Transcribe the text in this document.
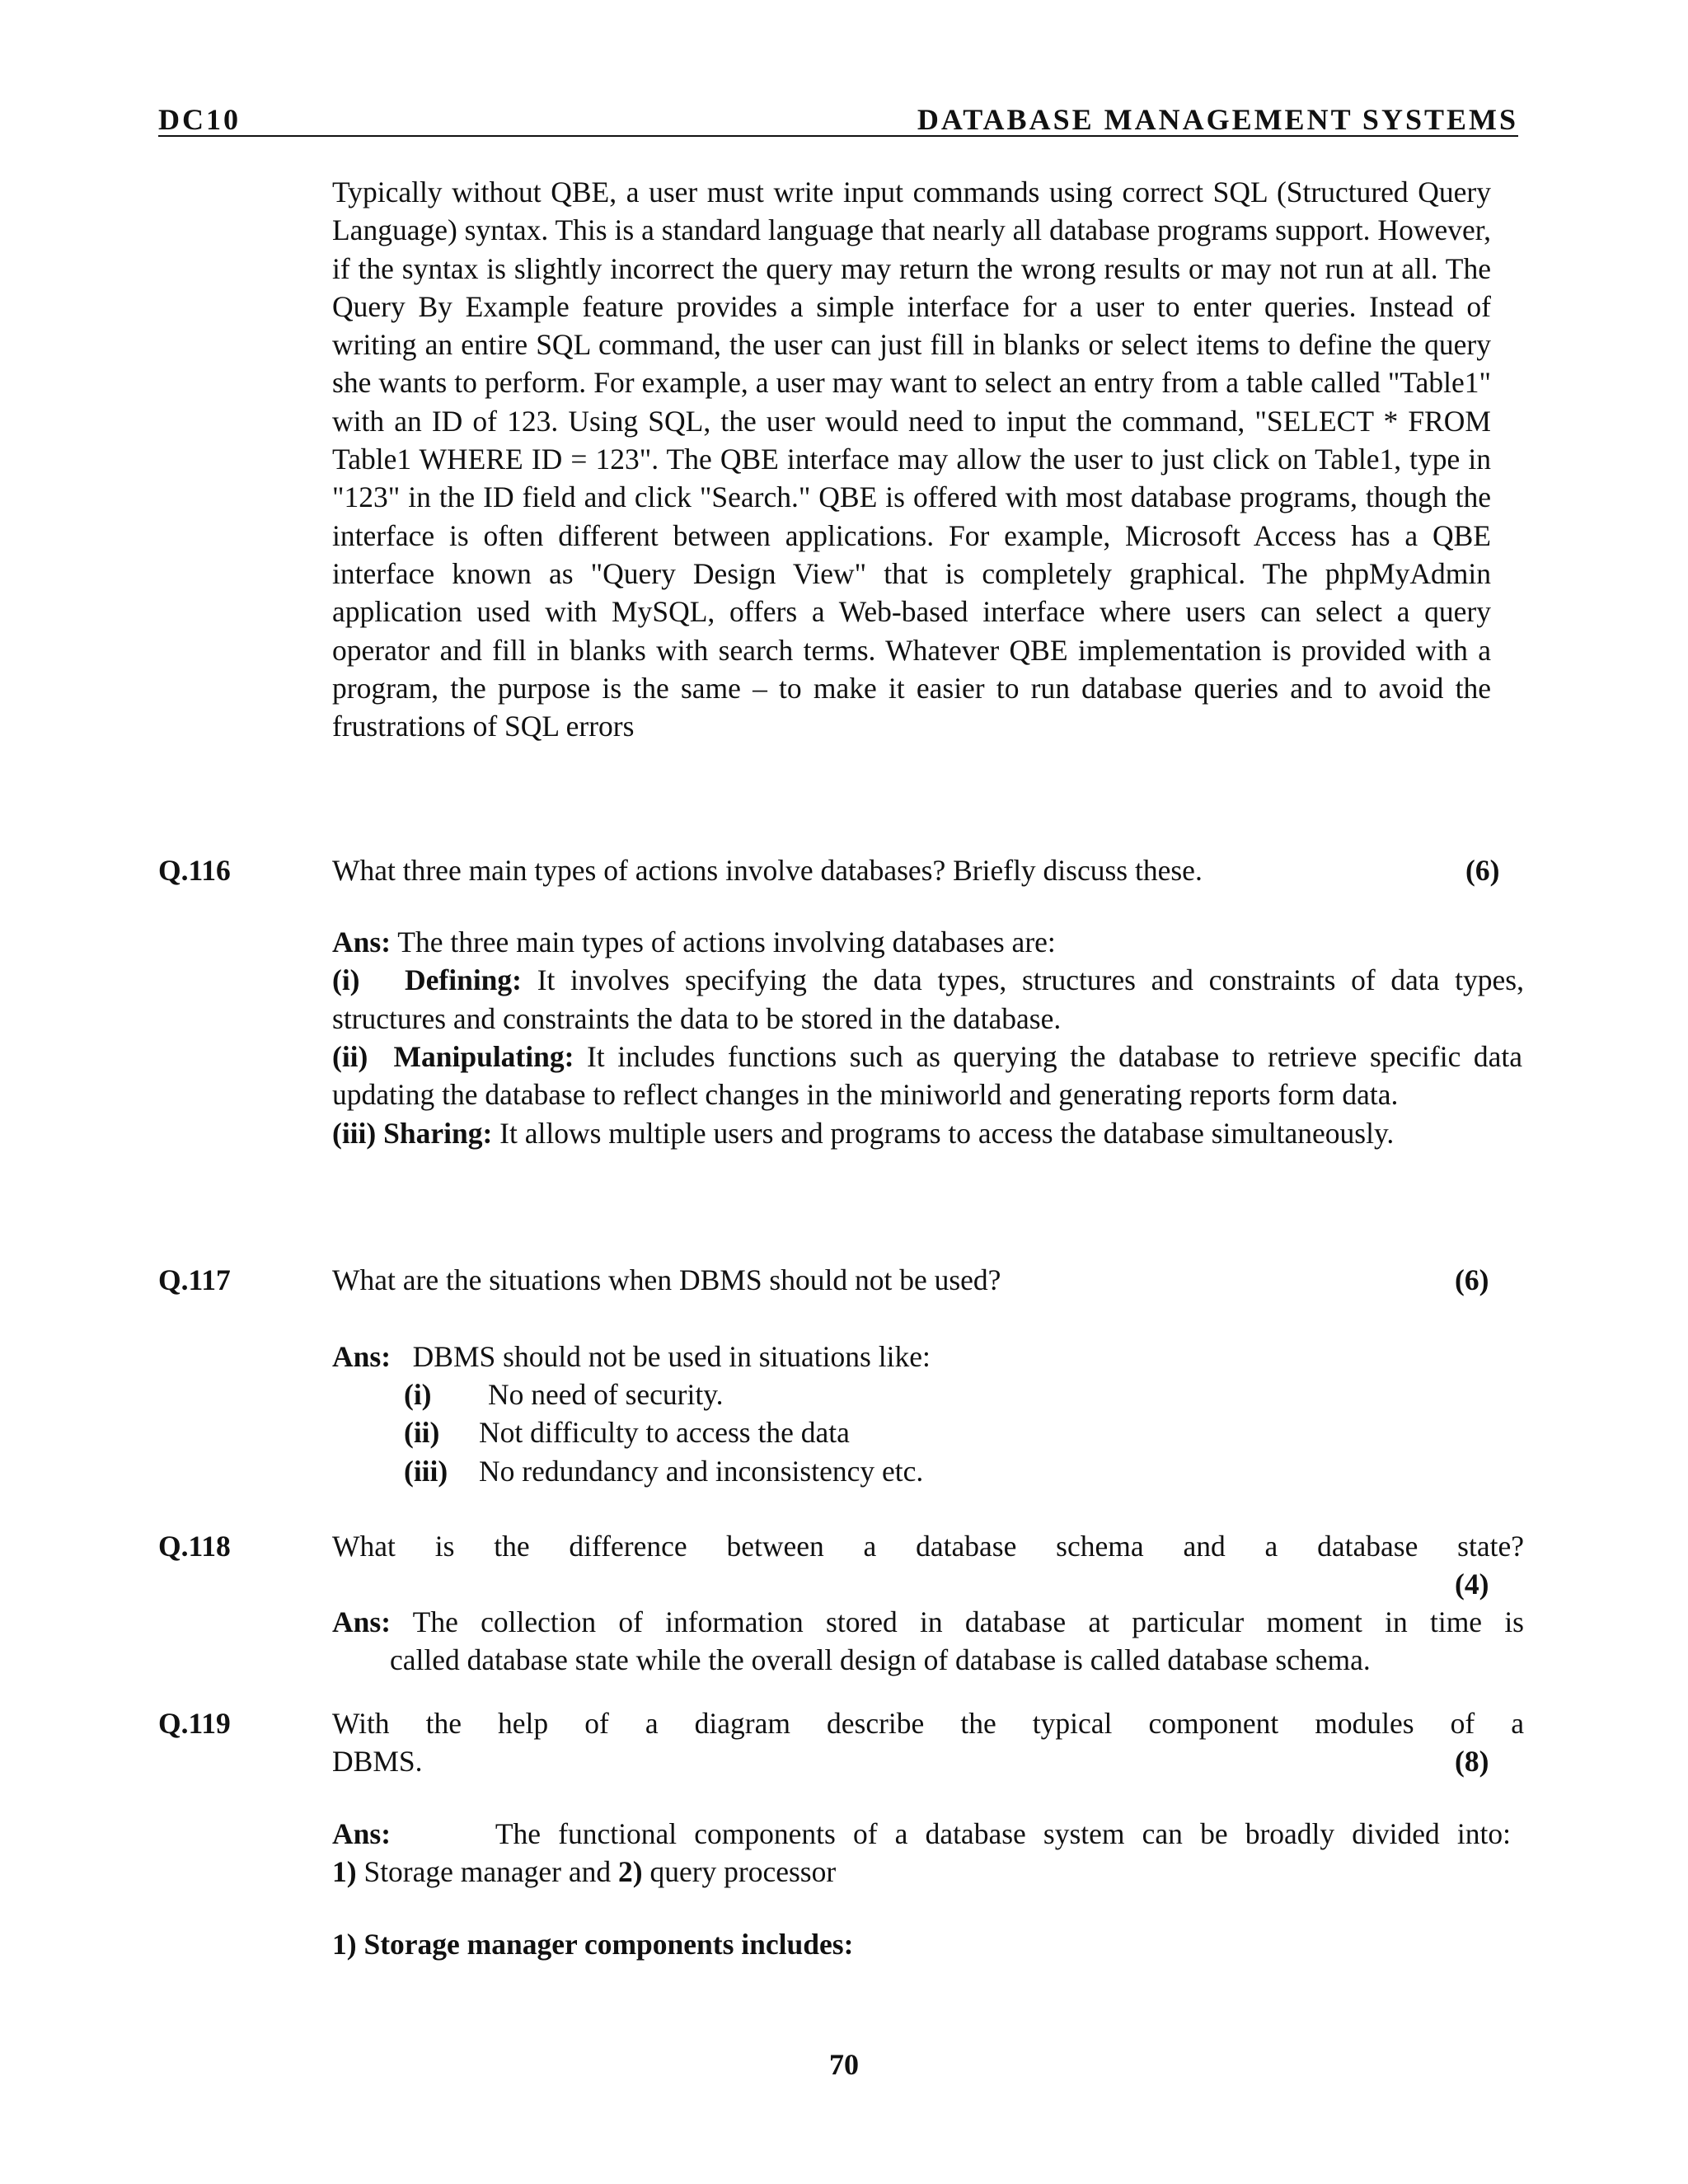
DC10	DATABASE MANAGEMENT SYSTEMS
Typically without QBE, a user must write input commands using correct SQL (Structured Query Language) syntax. This is a standard language that nearly all database programs support. However, if the syntax is slightly incorrect the query may return the wrong results or may not run at all. The Query By Example feature provides a simple interface for a user to enter queries. Instead of writing an entire SQL command, the user can just fill in blanks or select items to define the query she wants to perform. For example, a user may want to select an entry from a table called "Table1" with an ID of 123. Using SQL, the user would need to input the command, "SELECT * FROM Table1 WHERE ID = 123". The QBE interface may allow the user to just click on Table1, type in "123" in the ID field and click "Search." QBE is offered with most database programs, though the interface is often different between applications. For example, Microsoft Access has a QBE interface known as "Query Design View" that is completely graphical. The phpMyAdmin application used with MySQL, offers a Web-based interface where users can select a query operator and fill in blanks with search terms. Whatever QBE implementation is provided with a program, the purpose is the same – to make it easier to run database queries and to avoid the frustrations of SQL errors
Q.116	What three main types of actions involve databases? Briefly discuss these.	(6)
Ans: The three main types of actions involving databases are:
(i) Defining: It involves specifying the data types, structures and constraints of data types, structures and constraints the data to be stored in the database.
(ii) Manipulating: It includes functions such as querying the database to retrieve specific data updating the database to reflect changes in the miniworld and generating reports form data.
(iii) Sharing: It allows multiple users and programs to access the database simultaneously.
Q.117	What are the situations when DBMS should not be used?	(6)
Ans: DBMS should not be used in situations like:
(i) No need of security.
(ii) Not difficulty to access the data
(iii) No redundancy and inconsistency etc.
Q.118	What is the difference between a database schema and a database state?
(4)
Ans: The collection of information stored in database at particular moment in time is
called database state while the overall design of database is called database schema.
Q.119	With the help of a diagram describe the typical component modules of a
DBMS.	(8)
Ans:	The functional components of a database system can be broadly divided into:
1) Storage manager and 2) query processor
1) Storage manager components includes:
70
